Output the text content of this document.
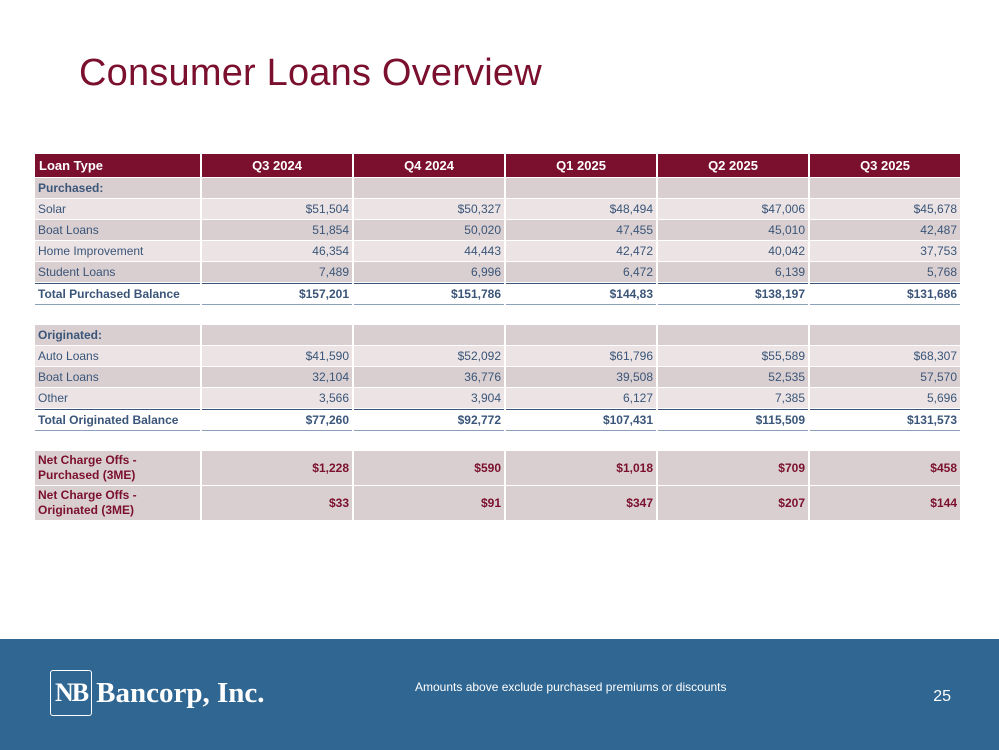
Consumer Loans Overview
Loan Type	Q3 2024	Q4 2024	Q1 2025	Q2 2025	Q3 2025
Purchased:					
Solar	$51,504	$50,327	$48,494	$47,006	$45,678
Boat Loans	51,854	50,020	47,455	45,010	42,487
Home Improvement	46,354	44,443	42,472	40,042	37,753
Student Loans	7,489	6,996	6,472	6,139	5,768
Total Purchased Balance	$157,201	$151,786	$144,83	$138,197	$131,686

Originated:					
Auto Loans	$41,590	$52,092	$61,796	$55,589	$68,307
Boat Loans	32,104	36,776	39,508	52,535	57,570
Other	3,566	3,904	6,127	7,385	5,696
Total Originated Balance	$77,260	$92,772	$107,431	$115,509	$131,573

Net Charge Offs - Purchased (3ME)	$1,228	$590	$1,018	$709	$458
Net Charge Offs - Originated (3ME)	$33	$91	$347	$207	$144
NB Bancorp, Inc.	Amounts above exclude purchased premiums or discounts
25
